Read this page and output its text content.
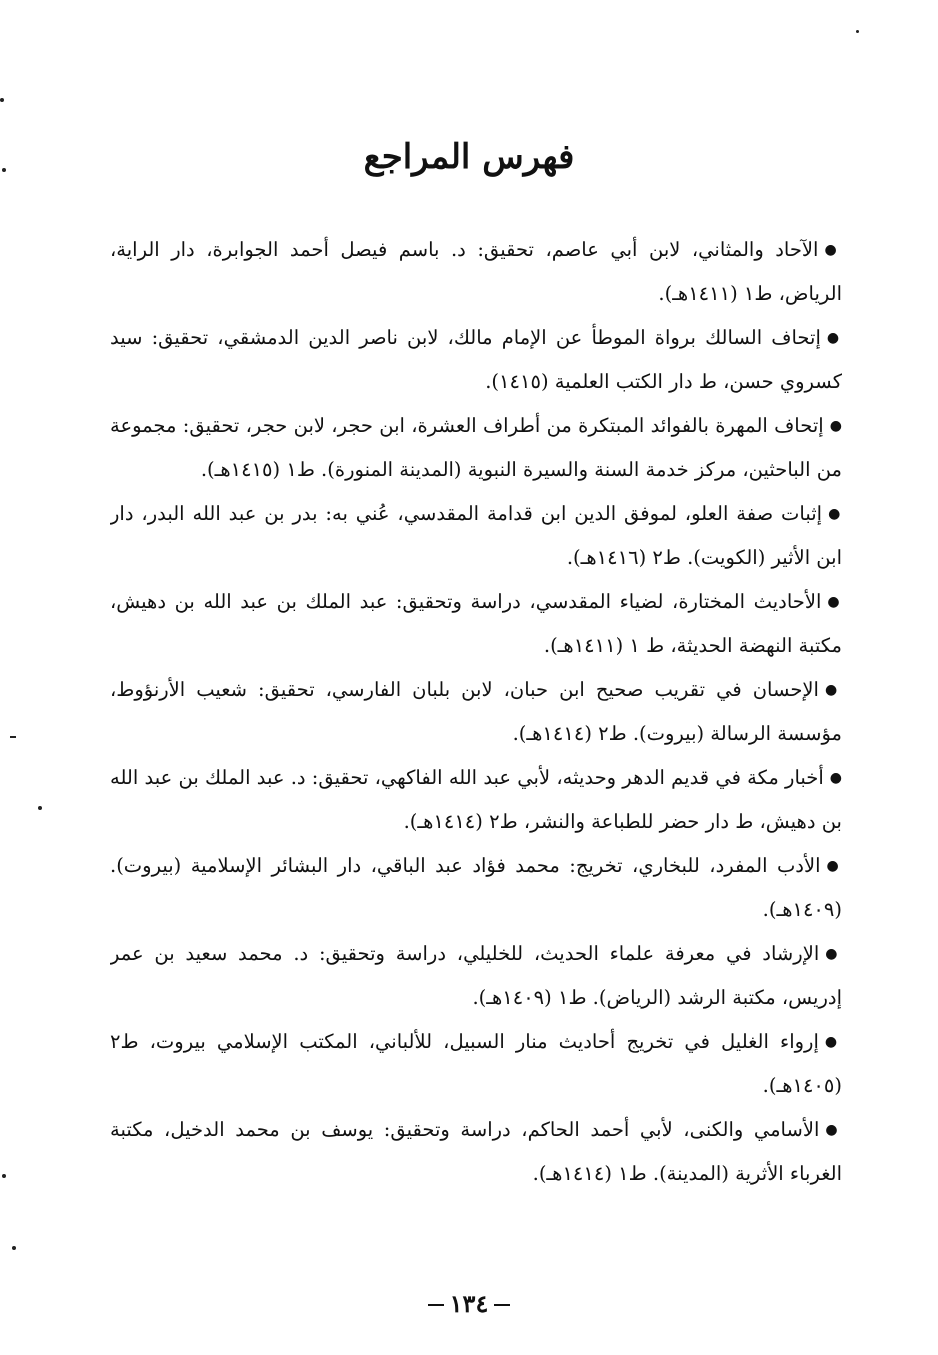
فهرس المراجع
●الآحاد والمثاني، لابن أبي عاصم، تحقيق: د. باسم فيصل أحمد الجوابرة، دار الراية، الرياض، ط١ (١٤١١هـ).
●إتحاف السالك برواة الموطأ عن الإمام مالك، لابن ناصر الدين الدمشقي، تحقيق: سيد كسروي حسن، ط دار الكتب العلمية (١٤١٥).
●إتحاف المهرة بالفوائد المبتكرة من أطراف العشرة، ابن حجر، لابن حجر، تحقيق: مجموعة من الباحثين، مركز خدمة السنة والسيرة النبوية (المدينة المنورة). ط١ (١٤١٥هـ).
●إثبات صفة العلو، لموفق الدين ابن قدامة المقدسي، عُني به: بدر بن عبد الله البدر، دار ابن الأثير (الكويت). ط٢ (١٤١٦هـ).
●الأحاديث المختارة، لضياء المقدسي، دراسة وتحقيق: عبد الملك بن عبد الله بن دهيش، مكتبة النهضة الحديثة، ط ١ (١٤١١هـ).
●الإحسان في تقريب صحيح ابن حبان، لابن بلبان الفارسي، تحقيق: شعيب الأرنؤوط، مؤسسة الرسالة (بيروت). ط٢ (١٤١٤هـ).
●أخبار مكة في قديم الدهر وحديثه، لأبي عبد الله الفاكهي، تحقيق: د. عبد الملك بن عبد الله بن دهيش، ط دار حضر للطباعة والنشر، ط٢ (١٤١٤هـ).
●الأدب المفرد، للبخاري، تخريج: محمد فؤاد عبد الباقي، دار البشائر الإسلامية (بيروت). (١٤٠٩هـ).
●الإرشاد في معرفة علماء الحديث، للخليلي، دراسة وتحقيق: د. محمد سعيد بن عمر إدريس، مكتبة الرشد (الرياض). ط١ (١٤٠٩هـ).
●إرواء الغليل في تخريج أحاديث منار السبيل، للألباني، المكتب الإسلامي بيروت، ط٢ (١٤٠٥هـ).
●الأسامي والكنى، لأبي أحمد الحاكم، دراسة وتحقيق: يوسف بن محمد الدخيل، مكتبة الغرباء الأثرية (المدينة). ط١ (١٤١٤هـ).
١٣٤
